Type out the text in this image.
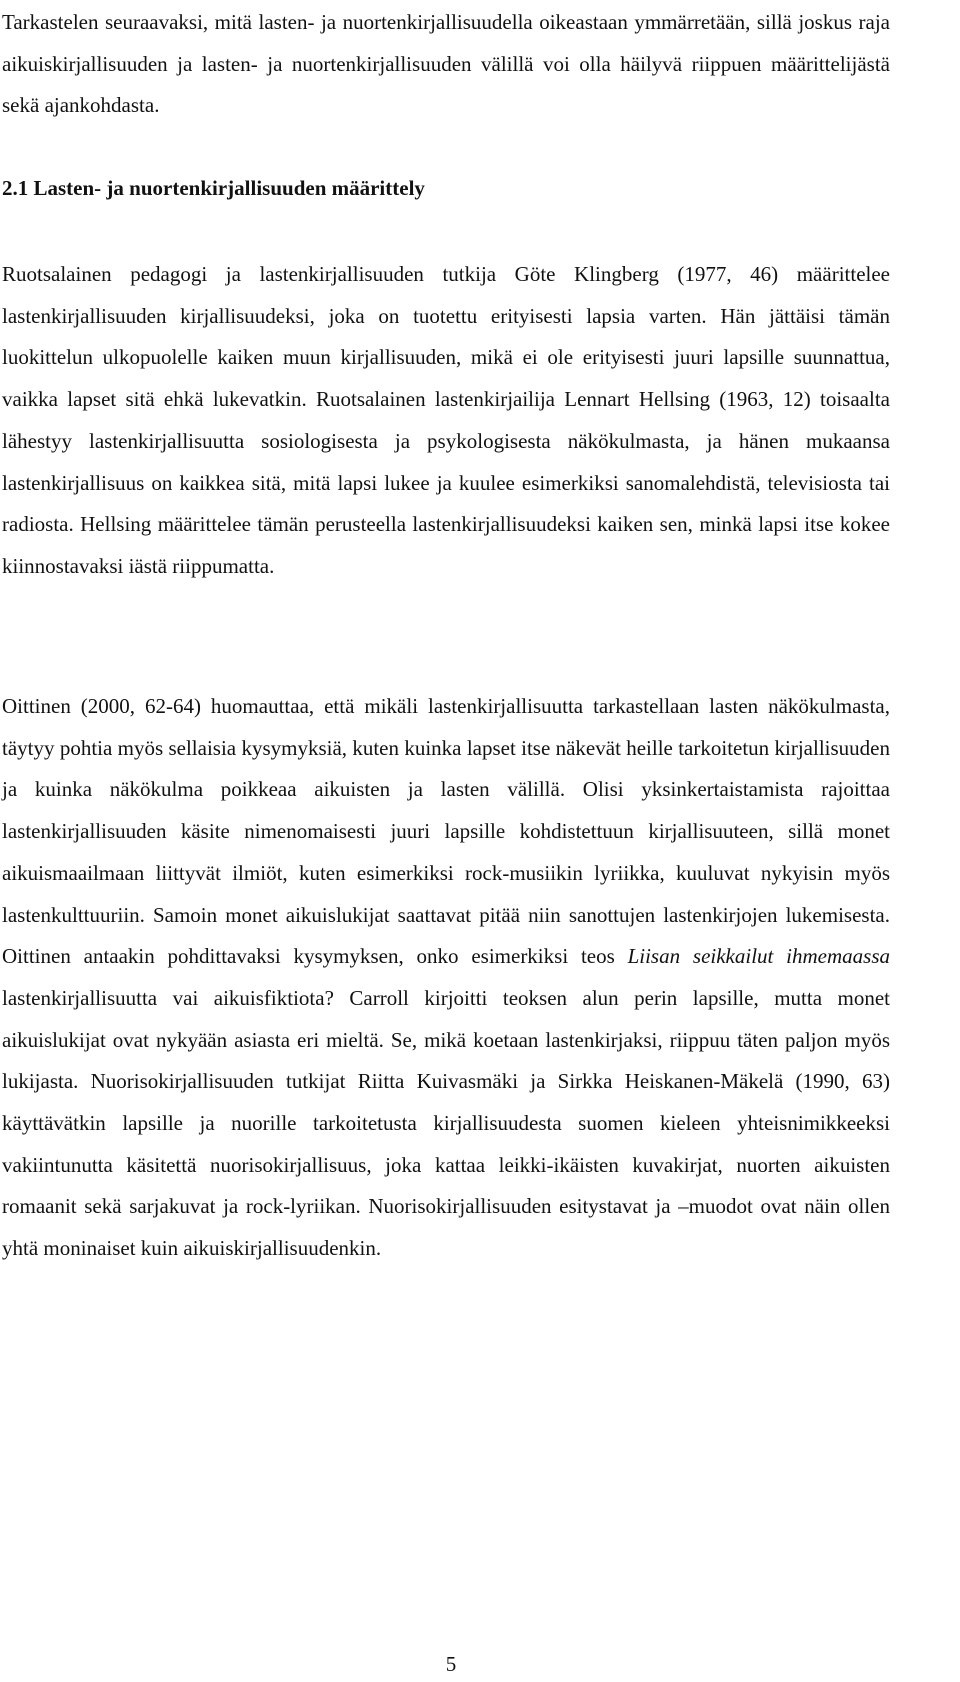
Tarkastelen seuraavaksi, mitä lasten- ja nuortenkirjallisuudella oikeastaan ymmärretään, sillä joskus raja aikuiskirjallisuuden ja lasten- ja nuortenkirjallisuuden välillä voi olla häilyvä riippuen määrittelijästä sekä ajankohdasta.

2.1 Lasten- ja nuortenkirjallisuuden määrittely

Ruotsalainen pedagogi ja lastenkirjallisuuden tutkija Göte Klingberg (1977, 46) määrittelee lastenkirjallisuuden kirjallisuudeksi, joka on tuotettu erityisesti lapsia varten. Hän jättäisi tämän luokittelun ulkopuolelle kaiken muun kirjallisuuden, mikä ei ole erityisesti juuri lapsille suunnattua, vaikka lapset sitä ehkä lukevatkin. Ruotsalainen lastenkirjailija Lennart Hellsing (1963, 12) toisaalta lähestyy lastenkirjallisuutta sosiologisesta ja psykologisesta näkökulmasta, ja hänen mukaansa lastenkirjallisuus on kaikkea sitä, mitä lapsi lukee ja kuulee esimerkiksi sanomalehdistä, televisiosta tai radiosta. Hellsing määrittelee tämän perusteella lastenkirjallisuudeksi kaiken sen, minkä lapsi itse kokee kiinnostavaksi iästä riippumatta.

Oittinen (2000, 62-64) huomauttaa, että mikäli lastenkirjallisuutta tarkastellaan lasten näkökulmasta, täytyy pohtia myös sellaisia kysymyksiä, kuten kuinka lapset itse näkevät heille tarkoitetun kirjallisuuden ja kuinka näkökulma poikkeaa aikuisten ja lasten välillä. Olisi yksinkertaistamista rajoittaa lastenkirjallisuuden käsite nimenomaisesti juuri lapsille kohdistettuun kirjallisuuteen, sillä monet aikuismaailmaan liittyvät ilmiöt, kuten esimerkiksi rock-musiikin lyriikka, kuuluvat nykyisin myös lastenkulttuuriin. Samoin monet aikuislukijat saattavat pitää niin sanottujen lastenkirjojen lukemisesta. Oittinen antaakin pohdittavaksi kysymyksen, onko esimerkiksi teos Liisan seikkailut ihmemaassa lastenkirjallisuutta vai aikuisfiktiota? Carroll kirjoitti teoksen alun perin lapsille, mutta monet aikuislukijat ovat nykyään asiasta eri mieltä. Se, mikä koetaan lastenkirjaksi, riippuu täten paljon myös lukijasta. Nuorisokirjallisuuden tutkijat Riitta Kuivasmäki ja Sirkka Heiskanen-Mäkelä (1990, 63) käyttävätkin lapsille ja nuorille tarkoitetusta kirjallisuudesta suomen kieleen yhteisnimikkeeksi vakiintunutta käsitettä nuorisokirjallisuus, joka kattaa leikki-ikäisten kuvakirjat, nuorten aikuisten romaanit sekä sarjakuvat ja rock-lyriikan. Nuorisokirjallisuuden esitystavat ja –muodot ovat näin ollen yhtä moninaiset kuin aikuiskirjallisuudenkin.

5
